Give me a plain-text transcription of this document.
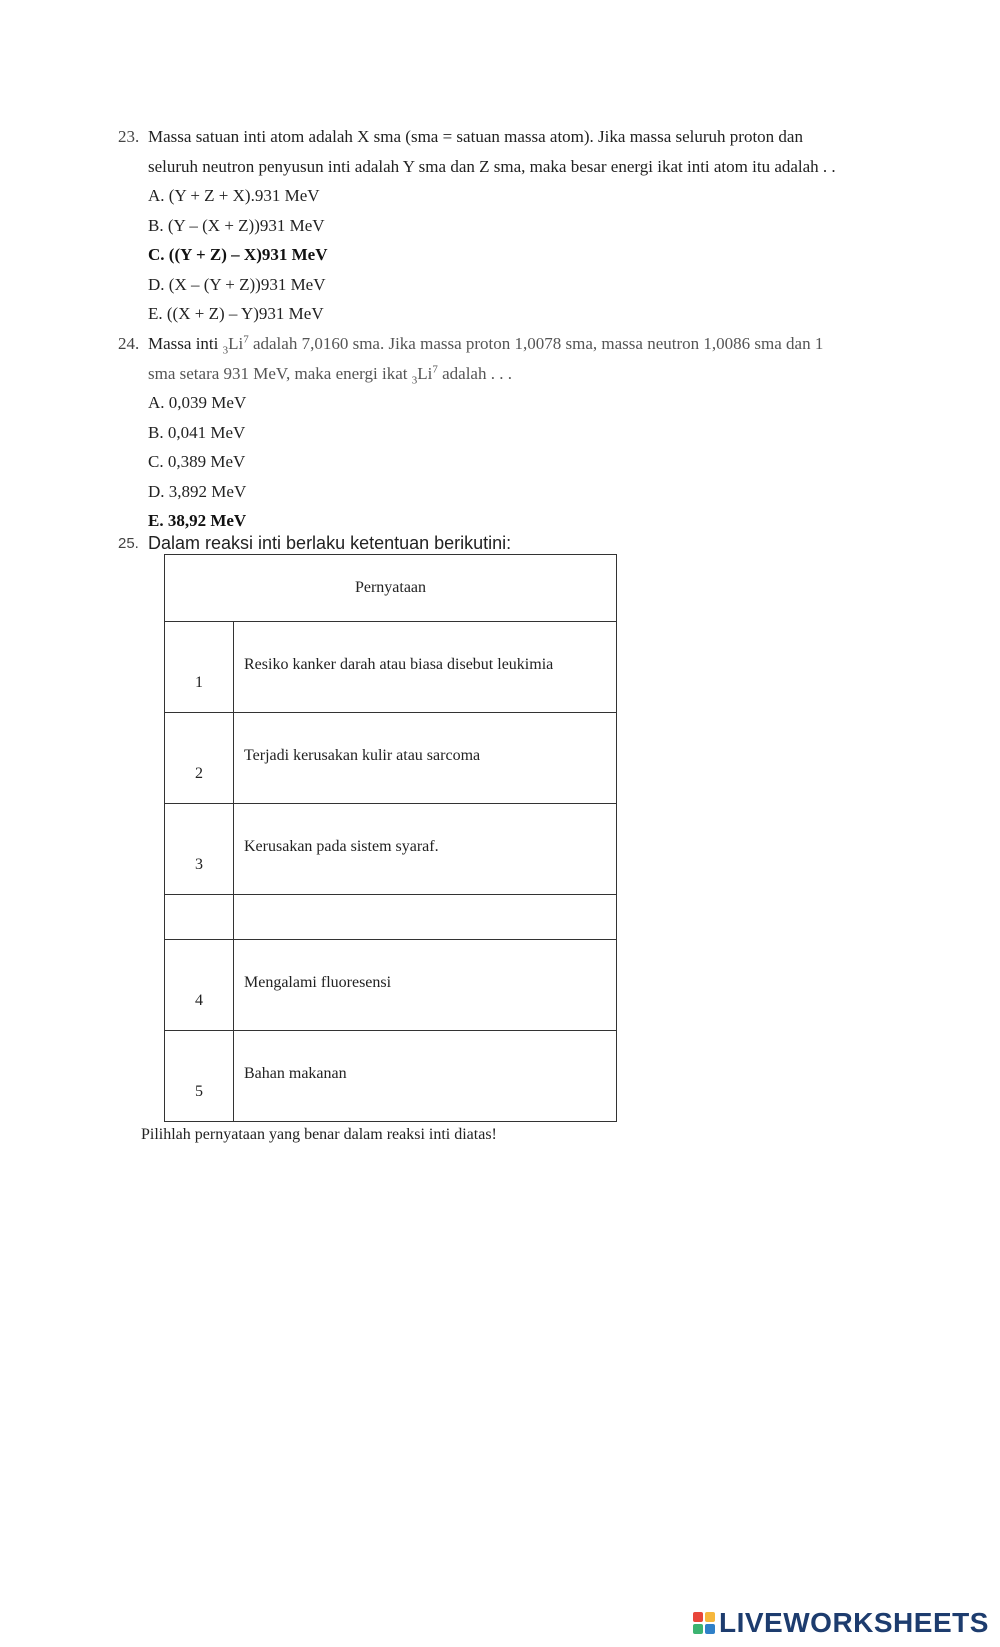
23. Massa satuan inti atom adalah X sma (sma = satuan massa atom). Jika massa seluruh proton dan
seluruh neutron penyusun inti adalah Y sma dan Z sma, maka besar energi ikat inti atom itu adalah . .
A. (Y + Z + X).931 MeV
B. (Y – (X + Z))931 MeV
C. ((Y + Z) – X)931 MeV
D. (X – (Y + Z))931 MeV
E. ((X + Z) – Y)931 MeV
24. Massa inti $_3Li^7$ adalah 7,0160 sma. Jika massa proton 1,0078 sma, massa neutron 1,0086 sma dan 1
sma setara 931 MeV, maka energi ikat $_3Li^7$ adalah . . .
A. 0,039 MeV
B. 0,041 MeV
C. 0,389 MeV
D. 3,892 MeV
E. 38,92 MeV
25. Dalam reaksi inti berlaku ketentuan berikutini:
Pernyataan	

1	Resiko kanker darah atau biasa disebut leukimia

2	Terjadi kerusakan kulir atau sarcoma

3	Kerusakan pada sistem syaraf.

4	Mengalami fluoresensi

5	Bahan makanan
Pilihlah pernyataan yang benar dalam reaksi inti diatas!
LIVEWORKSHEETS
